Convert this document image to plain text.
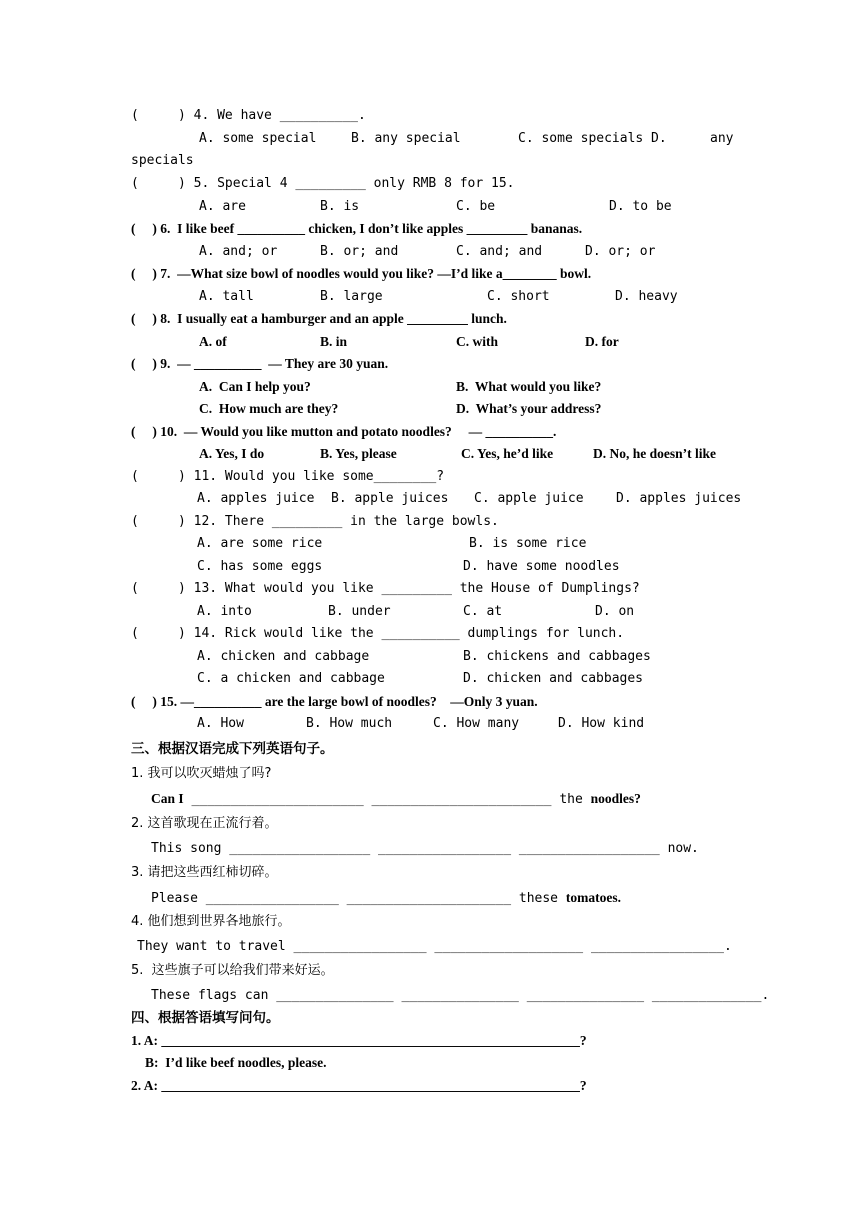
(     ) 4. We have __________.
A. some special	B. any special	C. some specials D.	any
specials
(     ) 5. Special 4 _________ only RMB 8 for 15.
A. are	B. is	C. be	D. to be
(     ) 6.  I like beef __________ chicken, I don’t like apples _________ bananas.
A. and; or	B. or; and	C. and; and	D. or; or
(     ) 7.  —What size bowl of noodles would you like? —I’d like a________ bowl.
A. tall	B. large	C. short	D. heavy
(     ) 8.  I usually eat a hamburger and an apple _________ lunch.
A. of	B. in	C. with	D. for
(     ) 9.  — __________  — They are 30 yuan.
A.  Can I help you?	B.  What would you like?
C.  How much are they?	D.  What’s your address?
(     ) 10.  — Would you like mutton and potato noodles?     — __________.
A. Yes, I do	B. Yes, please	C. Yes, he’d like	D. No, he doesn’t like
(     ) 11. Would you like some________?
A. apples juice B. apple juices C. apple juice D. apples juices
(     ) 12. There _________ in the large bowls.
A. are some rice	B. is some rice
C. has some eggs	D. have some noodles
(     ) 13. What would you like _________ the House of Dumplings?
A. into	B. under	C. at	D. on
(     ) 14. Rick would like the __________ dumplings for lunch.
A. chicken and cabbage	B. chickens and cabbages
C. a chicken and cabbage	D. chicken and cabbages
(     ) 15. —__________ are the large bowl of noodles?    —Only 3 yuan.
A. How	B. How much	C. How many	D. How kind
三、根据汉语完成下列英语句子。
1. 我可以吹灭蜡烛了吗?
Can I ______________________ _______________________ the noodles?
2. 这首歌现在正流行着。
This song __________________ _________________ __________________ now.
3. 请把这些西红柿切碎。
Please _________________ _____________________ these tomatoes.
4. 他们想到世界各地旅行。
They want to travel _________________ ___________________ _________________.
5.  这些旗子可以给我们带来好运。
These flags can _______________ _______________ _______________ ______________.
四、根据答语填写问句。
1. A: ______________________________________________________________?
B:  I’d like beef noodles, please.
2. A: ______________________________________________________________?
